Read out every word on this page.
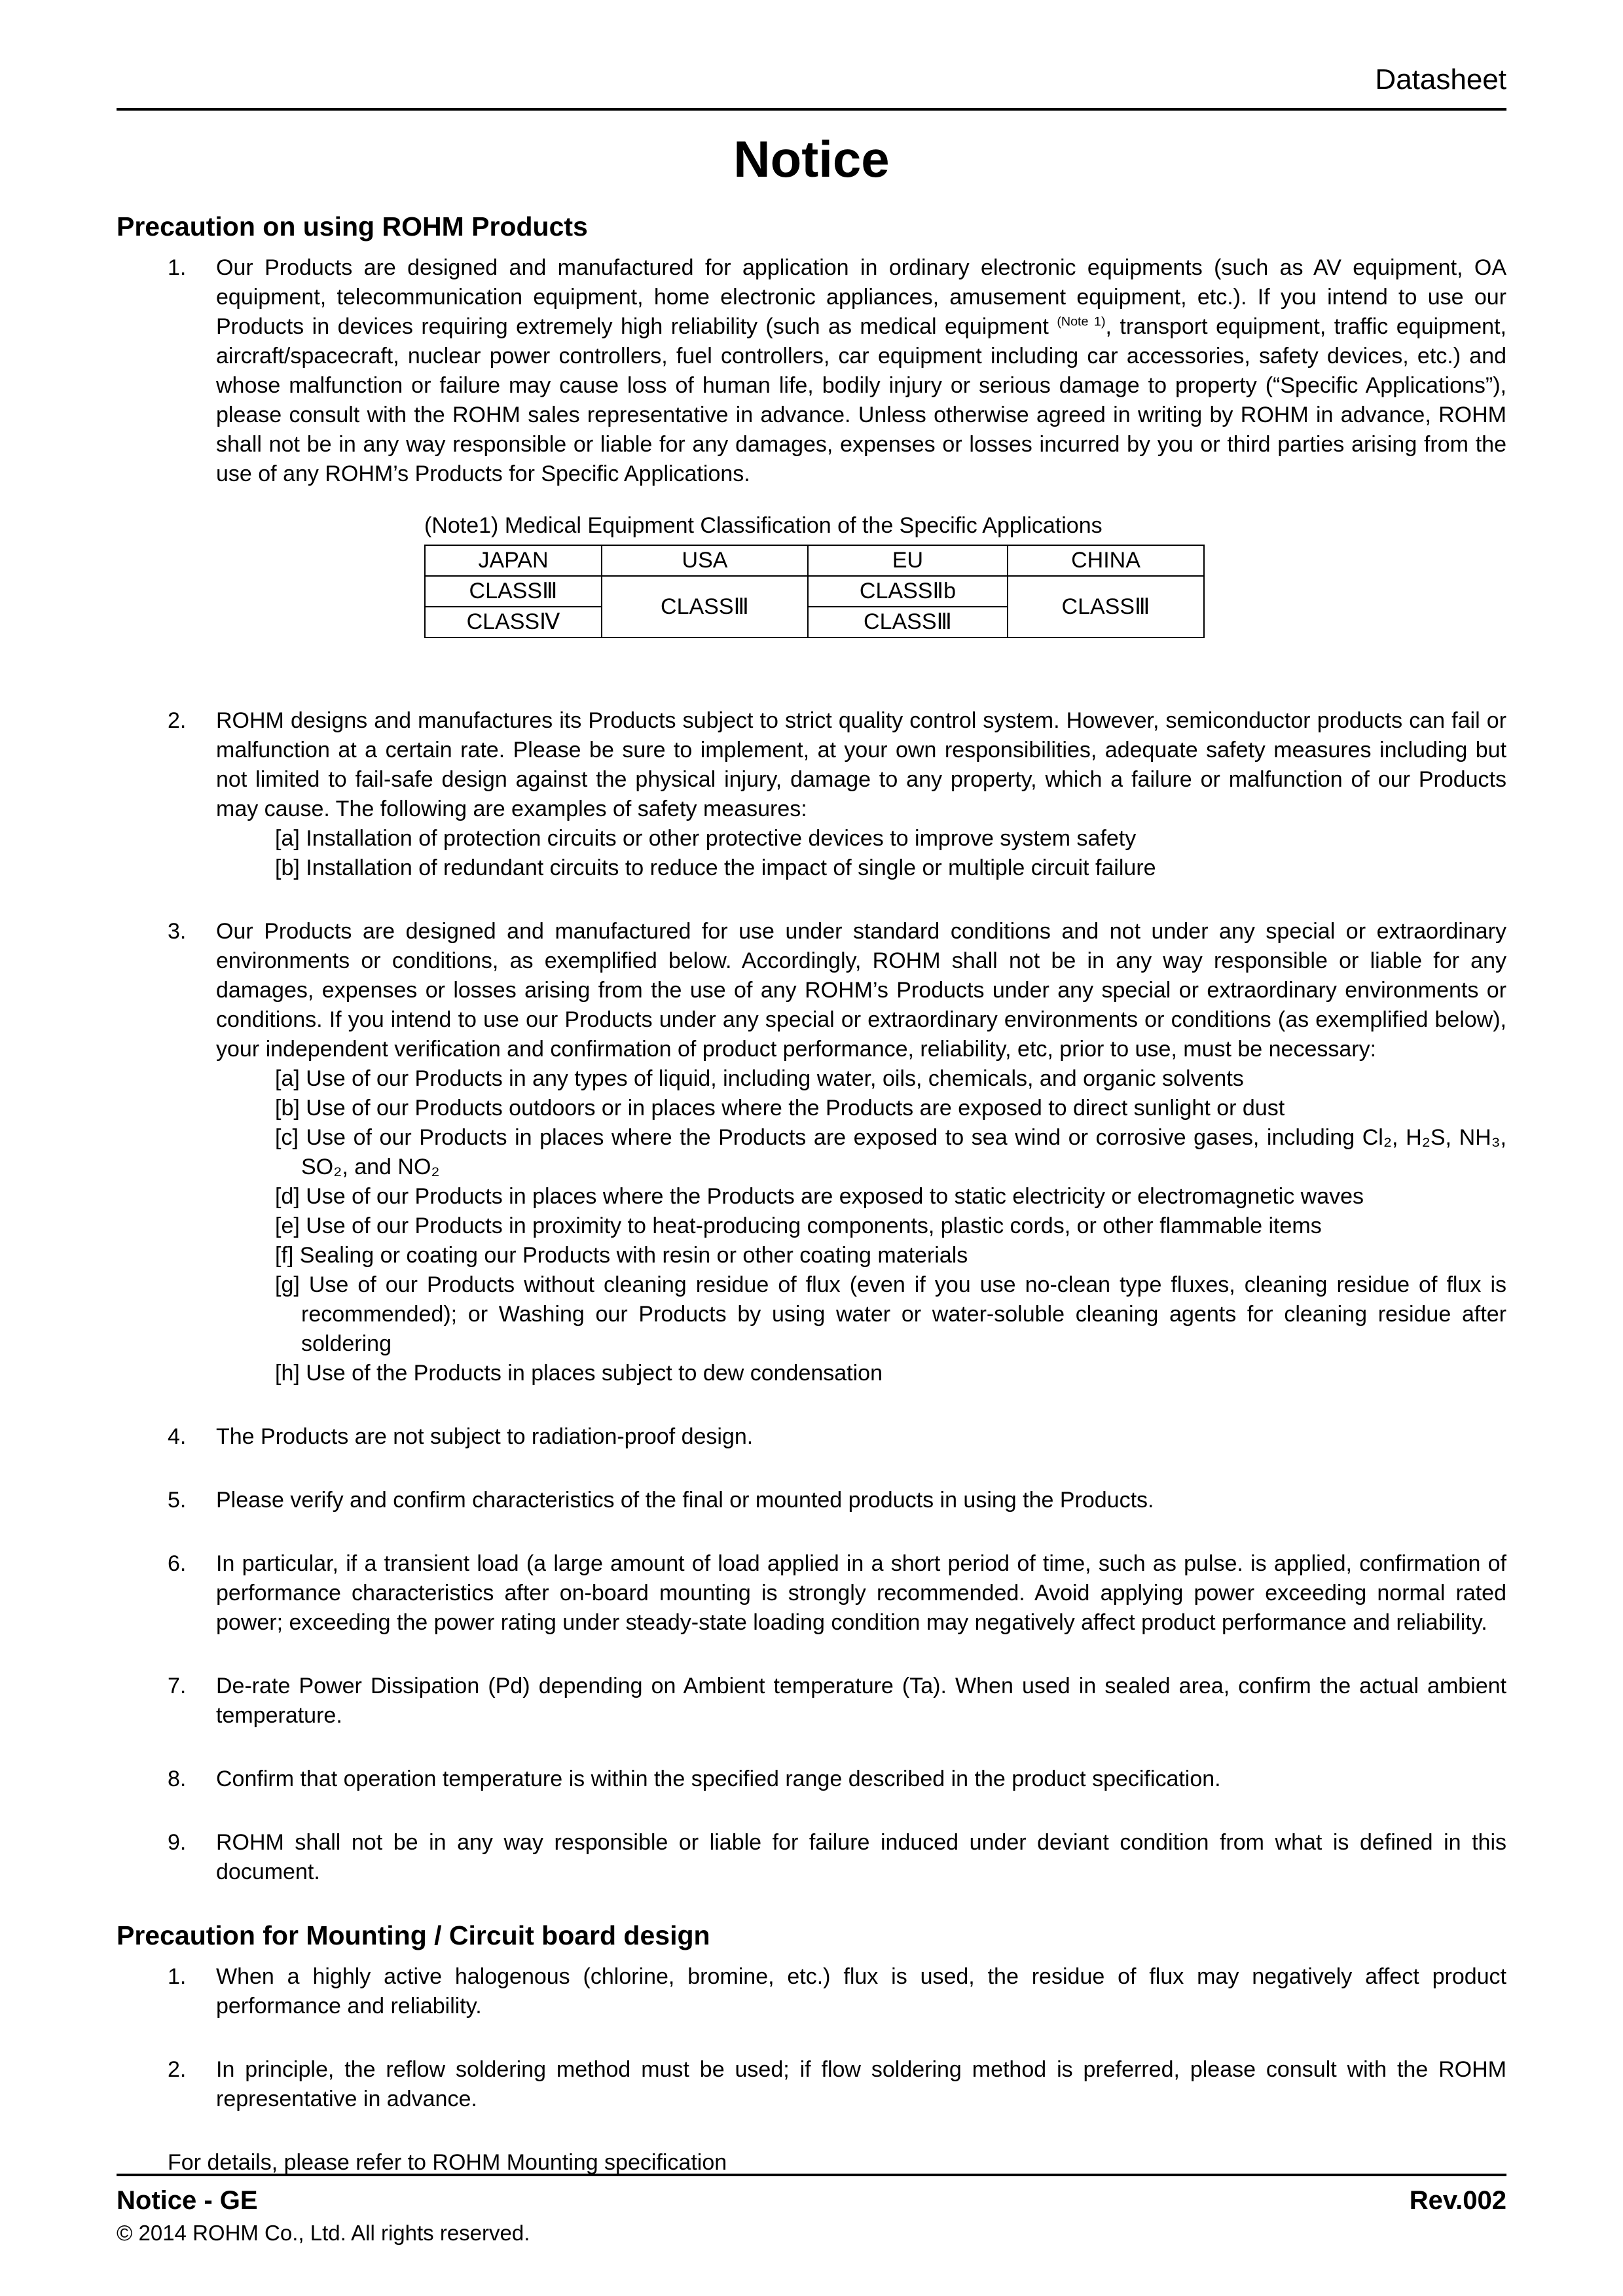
Datasheet
Notice
Precaution on using ROHM Products
1.	Our Products are designed and manufactured for application in ordinary electronic equipments (such as AV equipment, OA equipment, telecommunication equipment, home electronic appliances, amusement equipment, etc.). If you intend to use our Products in devices requiring extremely high reliability (such as medical equipment $^{(Note 1)}$, transport equipment, traffic equipment, aircraft/spacecraft, nuclear power controllers, fuel controllers, car equipment including car accessories, safety devices, etc.) and whose malfunction or failure may cause loss of human life, bodily injury or serious damage to property (“Specific Applications”), please consult with the ROHM sales representative in advance. Unless otherwise agreed in writing by ROHM in advance, ROHM shall not be in any way responsible or liable for any damages, expenses or losses incurred by you or third parties arising from the use of any ROHM’s Products for Specific Applications.
(Note1) Medical Equipment Classification of the Specific Applications
JAPAN	USA	EU	CHINA
CLASSⅢ	CLASSⅢ	CLASSⅡb	CLASSⅢ
CLASSⅣ		CLASSⅢ	
2.	ROHM designs and manufactures its Products subject to strict quality control system. However, semiconductor products can fail or malfunction at a certain rate. Please be sure to implement, at your own responsibilities, adequate safety measures including but not limited to fail-safe design against the physical injury, damage to any property, which a failure or malfunction of our Products may cause. The following are examples of safety measures:
[a] Installation of protection circuits or other protective devices to improve system safety
[b] Installation of redundant circuits to reduce the impact of single or multiple circuit failure
3.	Our Products are designed and manufactured for use under standard conditions and not under any special or extraordinary environments or conditions, as exemplified below. Accordingly, ROHM shall not be in any way responsible or liable for any damages, expenses or losses arising from the use of any ROHM’s Products under any special or extraordinary environments or conditions. If you intend to use our Products under any special or extraordinary environments or conditions (as exemplified below), your independent verification and confirmation of product performance, reliability, etc, prior to use, must be necessary:
[a] Use of our Products in any types of liquid, including water, oils, chemicals, and organic solvents
[b] Use of our Products outdoors or in places where the Products are exposed to direct sunlight or dust
[c] Use of our Products in places where the Products are exposed to sea wind or corrosive gases, including Cl₂, H₂S, NH₃, SO₂, and NO₂
[d] Use of our Products in places where the Products are exposed to static electricity or electromagnetic waves
[e] Use of our Products in proximity to heat-producing components, plastic cords, or other flammable items
[f] Sealing or coating our Products with resin or other coating materials
[g] Use of our Products without cleaning residue of flux (even if you use no-clean type fluxes, cleaning residue of flux is recommended); or Washing our Products by using water or water-soluble cleaning agents for cleaning residue after soldering
[h] Use of the Products in places subject to dew condensation
4.	The Products are not subject to radiation-proof design.
5.	Please verify and confirm characteristics of the final or mounted products in using the Products.
6.	In particular, if a transient load (a large amount of load applied in a short period of time, such as pulse. is applied, confirmation of performance characteristics after on-board mounting is strongly recommended. Avoid applying power exceeding normal rated power; exceeding the power rating under steady-state loading condition may negatively affect product performance and reliability.
7.	De-rate Power Dissipation (Pd) depending on Ambient temperature (Ta). When used in sealed area, confirm the actual ambient temperature.
8.	Confirm that operation temperature is within the specified range described in the product specification.
9.	ROHM shall not be in any way responsible or liable for failure induced under deviant condition from what is defined in this document.
Precaution for Mounting / Circuit board design
1.	When a highly active halogenous (chlorine, bromine, etc.) flux is used, the residue of flux may negatively affect product performance and reliability.
2.	In principle, the reflow soldering method must be used; if flow soldering method is preferred, please consult with the ROHM representative in advance.
For details, please refer to ROHM Mounting specification
Notice - GE	Rev.002
© 2014 ROHM Co., Ltd. All rights reserved.
